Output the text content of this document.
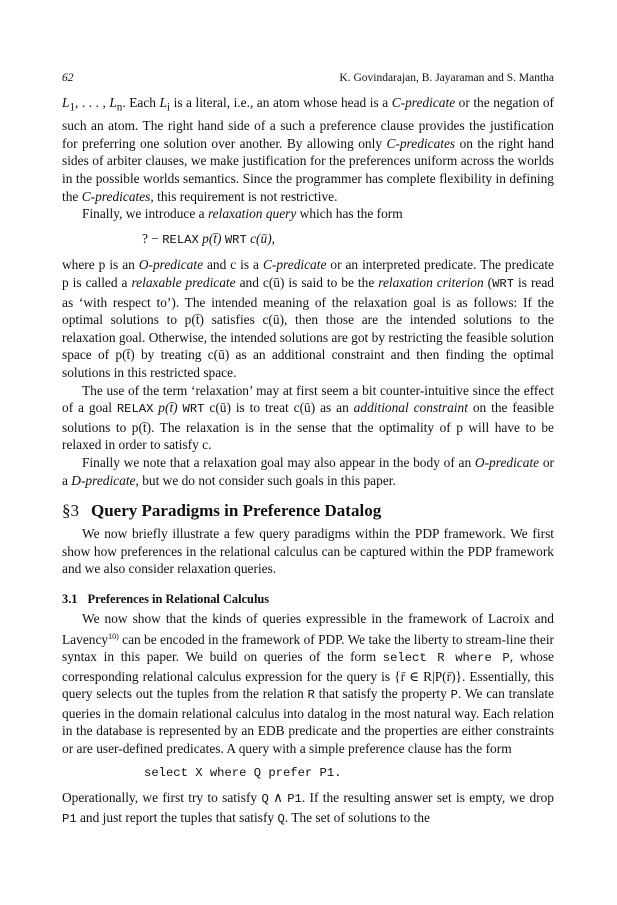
62	K. Govindarajan, B. Jayaraman and S. Mantha

$L_1$, . . . , $L_n$. Each $L_i$ is a literal, i.e., an atom whose head is a C-predicate or the negation of such an atom. The right hand side of a such a preference clause provides the justification for preferring one solution over another. By allowing only C-predicates on the right hand sides of arbiter clauses, we make justification for the preferences uniform across the worlds in the possible worlds semantics. Since the programmer has complete flexibility in defining the C-predicates, this requirement is not restrictive.

Finally, we introduce a relaxation query which has the form

? − RELAX p(t̄) WRT c(ū),

where p is an O-predicate and c is a C-predicate or an interpreted predicate. The predicate p is called a relaxable predicate and c(ū) is said to be the relaxation criterion (WRT is read as ‘with respect to’). The intended meaning of the relaxation goal is as follows: If the optimal solutions to p(t̄) satisfies c(ū), then those are the intended solutions to the relaxation goal. Otherwise, the intended solutions are got by restricting the feasible solution space of p(t̄) by treating c(ū) as an additional constraint and then finding the optimal solutions in this restricted space.

The use of the term ‘relaxation’ may at first seem a bit counter-intuitive since the effect of a goal RELAX p(t̄) WRT c(ū) is to treat c(ū) as an additional constraint on the feasible solutions to p(t̄). The relaxation is in the sense that the optimality of p will have to be relaxed in order to satisfy c.

Finally we note that a relaxation goal may also appear in the body of an O-predicate or a D-predicate, but we do not consider such goals in this paper.

§3 Query Paradigms in Preference Datalog

We now briefly illustrate a few query paradigms within the PDP framework. We first show how preferences in the relational calculus can be captured within the PDP framework and we also consider relaxation queries.

3.1 Preferences in Relational Calculus

We now show that the kinds of queries expressible in the framework of Lacroix and Lavency$^{10)}$ can be encoded in the framework of PDP. We take the liberty to stream-line their syntax in this paper. We build on queries of the form select R where P, whose corresponding relational calculus expression for the query is {r̄ ∈ R|P(r̄)}. Essentially, this query selects out the tuples from the relation R that satisfy the property P. We can translate queries in the domain relational calculus into datalog in the most natural way. Each relation in the database is represented by an EDB predicate and the properties are either constraints or are user-defined predicates. A query with a simple preference clause has the form

select X where Q prefer P1.

Operationally, we first try to satisfy Q ∧ P1. If the resulting answer set is empty, we drop P1 and just report the tuples that satisfy Q. The set of solutions to the
